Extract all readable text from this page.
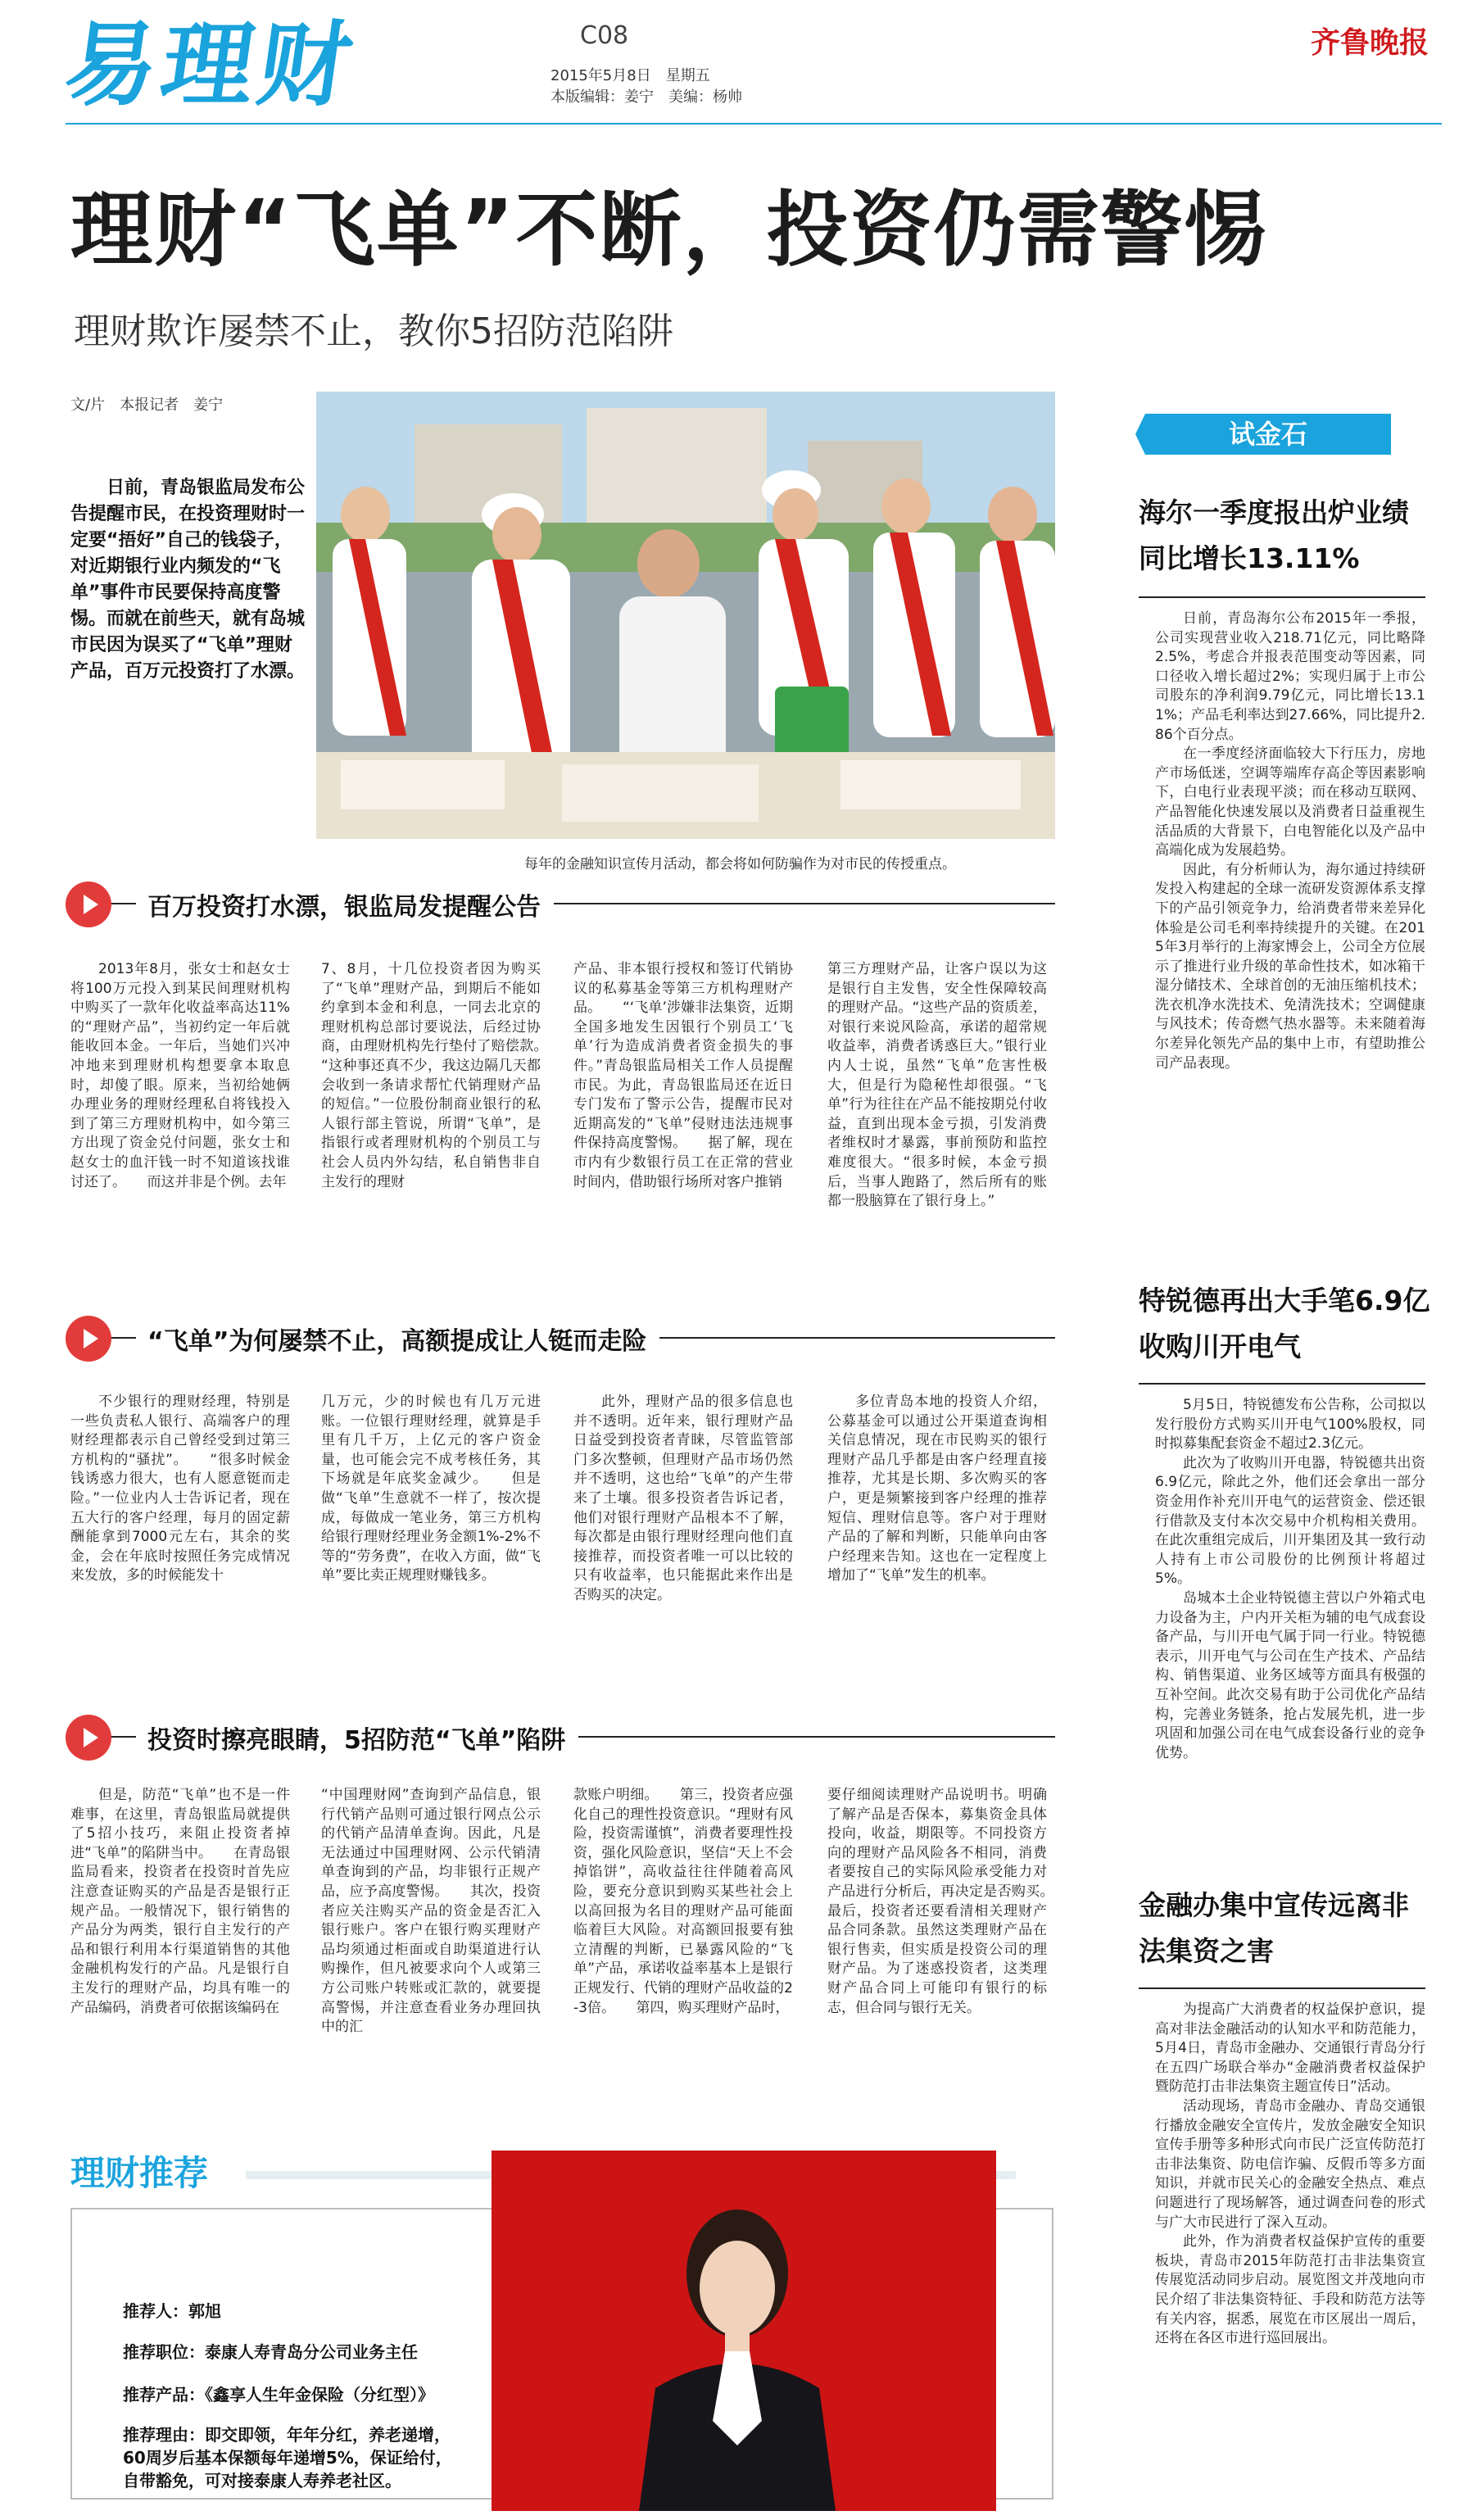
易理财	C08
2015年5月8日　星期五
本版编辑：姜宁　美编：杨帅
齐鲁晚报
理财“飞单”不断，投资仍需警惕
理财欺诈屡禁不止，教你5招防范陷阱
文/片　本报记者　姜宁
日前，青岛银监局发布公告提醒市民，在投资理财时一定要“捂好”自己的钱袋子，对近期银行业内频发的“飞单”事件市民要保持高度警惕。而就在前些天，就有岛城市民因为误买了“飞单”理财产品，百万元投资打了水漂。
每年的金融知识宣传月活动，都会将如何防骗作为对市民的传授重点。
百万投资打水漂，银监局发提醒公告

2013年8月，张女士和赵女士将100万元投入到某民间理财机构中购买了一款年化收益率高达11%的“理财产品”，当初约定一年后就能收回本金。一年后，当她们兴冲冲地来到理财机构想要拿本取息时，却傻了眼。原来，当初给她俩办理业务的理财经理私自将钱投入到了第三方理财机构中，如今第三方出现了资金兑付问题，张女士和赵女士的血汗钱一时不知道该找谁讨还了。　　而这并非是个例。去年

7、8月，十几位投资者因为购买了“飞单”理财产品，到期后不能如约拿到本金和利息，一同去北京的理财机构总部讨要说法，后经过协商，由理财机构先行垫付了赔偿款。　　“这种事还真不少，我这边隔几天都会收到一条请求帮忙代销理财产品的短信。”一位股份制商业银行的私人银行部主管说，所谓“飞单”，是指银行或者理财机构的个别员工与社会人员内外勾结，私自销售非自主发行的理财

产品、非本银行授权和签订代销协议的私募基金等第三方机构理财产品。　　“‘飞单’涉嫌非法集资，近期全国多地发生因银行个别员工‘飞单’行为造成消费者资金损失的事件。”青岛银监局相关工作人员提醒市民。为此，青岛银监局还在近日专门发布了警示公告，提醒市民对近期高发的“飞单”侵财违法违规事件保持高度警惕。　　据了解，现在市内有少数银行员工在正常的营业时间内，借助银行场所对客户推销

第三方理财产品，让客户误以为这是银行自主发售，安全性保障较高的理财产品。“这些产品的资质差，对银行来说风险高，承诺的超常规收益率，消费者诱惑巨大。”银行业内人士说，虽然“飞单”危害性极大，但是行为隐秘性却很强。“飞单”行为往往在产品不能按期兑付收益，直到出现本金亏损，引发消费者维权时才暴露，事前预防和监控难度很大。“很多时候，本金亏损后，当事人跑路了，然后所有的账都一股脑算在了银行身上。”

“飞单”为何屡禁不止，高额提成让人铤而走险

不少银行的理财经理，特别是一些负责私人银行、高端客户的理财经理都表示自己曾经受到过第三方机构的“骚扰”。　　“很多时候金钱诱惑力很大，也有人愿意铤而走险。”一位业内人士告诉记者，现在五大行的客户经理，每月的固定薪酬能拿到7000元左右，其余的奖金，会在年底时按照任务完成情况来发放，多的时候能发十

几万元，少的时候也有几万元进账。一位银行理财经理，就算是手里有几千万，上亿元的客户资金量，也可能会完不成考核任务，其下场就是年底奖金减少。　　但是做“飞单”生意就不一样了，按次提成，每做成一笔业务，第三方机构给银行理财经理业务金额1%-2%不等的“劳务费”，在收入方面，做“飞单”要比卖正规理财赚钱多。

此外，理财产品的很多信息也并不透明。近年来，银行理财产品日益受到投资者青睐，尽管监管部门多次整顿，但理财产品市场仍然并不透明，这也给“飞单”的产生带来了土壤。很多投资者告诉记者，他们对银行理财产品根本不了解，每次都是由银行理财经理向他们直接推荐，而投资者唯一可以比较的只有收益率，也只能据此来作出是否购买的决定。

多位青岛本地的投资人介绍，公募基金可以通过公开渠道查询相关信息情况，现在市民购买的银行理财产品几乎都是由客户经理直接推荐，尤其是长期、多次购买的客户，更是频繁接到客户经理的推荐短信、理财信息等。客户对于理财产品的了解和判断，只能单向由客户经理来告知。这也在一定程度上增加了“飞单”发生的机率。

投资时擦亮眼睛，5招防范“飞单”陷阱

但是，防范“飞单”也不是一件难事，在这里，青岛银监局就提供了5招小技巧，来阻止投资者掉进“飞单”的陷阱当中。　　在青岛银监局看来，投资者在投资时首先应注意查证购买的产品是否是银行正规产品。一般情况下，银行销售的产品分为两类，银行自主发行的产品和银行利用本行渠道销售的其他金融机构发行的产品。凡是银行自主发行的理财产品，均具有唯一的产品编码，消费者可依据该编码在

“中国理财网”查询到产品信息，银行代销产品则可通过银行网点公示的代销产品清单查询。因此，凡是无法通过中国理财网、公示代销清单查询到的产品，均非银行正规产品，应予高度警惕。　　其次，投资者应关注购买产品的资金是否汇入银行账户。客户在银行购买理财产品均须通过柜面或自助渠道进行认购操作，但凡被要求向个人或第三方公司账户转账或汇款的，就要提高警惕，并注意查看业务办理回执中的汇

款账户明细。　　第三，投资者应强化自己的理性投资意识。“理财有风险，投资需谨慎”，消费者要理性投资，强化风险意识，坚信“天上不会掉馅饼”，高收益往往伴随着高风险，要充分意识到购买某些社会上以高回报为名目的理财产品可能面临着巨大风险。对高额回报要有独立清醒的判断，已暴露风险的“飞单”产品，承诺收益率基本上是银行正规发行、代销的理财产品收益的2-3倍。　　第四，购买理财产品时，

要仔细阅读理财产品说明书。明确了解产品是否保本，募集资金具体投向，收益，期限等。不同投资方向的理财产品风险各不相同，消费者要按自己的实际风险承受能力对产品进行分析后，再决定是否购买。　　最后，投资者还要看清相关理财产品合同条款。虽然这类理财产品在银行售卖，但实质是投资公司的理财产品。为了迷惑投资者，这类理财产品合同上可能印有银行的标志，但合同与银行无关。

理财推荐
推荐人：郭旭
推荐职位：泰康人寿青岛分公司业务主任
推荐产品：《鑫享人生年金保险（分红型）》
推荐理由：即交即领，年年分红，养老递增，60周岁后基本保额每年递增5%，保证给付，自带豁免，可对接泰康人寿养老社区。
试金石
海尔一季度报出炉业绩同比增长13.11%

日前，青岛海尔公布2015年一季报，公司实现营业收入218.71亿元，同比略降2.5%，考虑合并报表范围变动等因素，同口径收入增长超过2%；实现归属于上市公司股东的净利润9.79亿元，同比增长13.11%；产品毛利率达到27.66%，同比提升2.86个百分点。

在一季度经济面临较大下行压力，房地产市场低迷，空调等端库存高企等因素影响下，白电行业表现平淡；而在移动互联网、产品智能化快速发展以及消费者日益重视生活品质的大背景下，白电智能化以及产品中高端化成为发展趋势。

因此，有分析师认为，海尔通过持续研发投入构建起的全球一流研发资源体系支撑下的产品引领竞争力，给消费者带来差异化体验是公司毛利率持续提升的关键。在2015年3月举行的上海家博会上，公司全方位展示了推进行业升级的革命性技术，如冰箱干湿分储技术、全球首创的无油压缩机技术；洗衣机净水洗技术、免清洗技术；空调健康与风技术；传奇燃气热水器等。未来随着海尔差异化领先产品的集中上市，有望助推公司产品表现。

特锐德再出大手笔6.9亿收购川开电气

5月5日，特锐德发布公告称，公司拟以发行股份方式购买川开电气100%股权，同时拟募集配套资金不超过2.3亿元。

此次为了收购川开电器，特锐德共出资6.9亿元，除此之外，他们还会拿出一部分资金用作补充川开电气的运营资金、偿还银行借款及支付本次交易中介机构相关费用。在此次重组完成后，川开集团及其一致行动人持有上市公司股份的比例预计将超过5%。

岛城本土企业特锐德主营以户外箱式电力设备为主，户内开关柜为辅的电气成套设备产品，与川开电气属于同一行业。特锐德表示，川开电气与公司在生产技术、产品结构、销售渠道、业务区域等方面具有极强的互补空间。此次交易有助于公司优化产品结构，完善业务链条，抢占发展先机，进一步巩固和加强公司在电气成套设备行业的竞争优势。

金融办集中宣传远离非法集资之害

为提高广大消费者的权益保护意识，提高对非法金融活动的认知水平和防范能力，5月4日，青岛市金融办、交通银行青岛分行在五四广场联合举办“金融消费者权益保护暨防范打击非法集资主题宣传日”活动。

活动现场，青岛市金融办、青岛交通银行播放金融安全宣传片，发放金融安全知识宣传手册等多种形式向市民广泛宣传防范打击非法集资、防电信诈骗、反假币等多方面知识，并就市民关心的金融安全热点、难点问题进行了现场解答，通过调查问卷的形式与广大市民进行了深入互动。

此外，作为消费者权益保护宣传的重要板块，青岛市2015年防范打击非法集资宣传展览活动同步启动。展览图文并茂地向市民介绍了非法集资特征、手段和防范方法等有关内容，据悉，展览在市区展出一周后，还将在各区市进行巡回展出。
